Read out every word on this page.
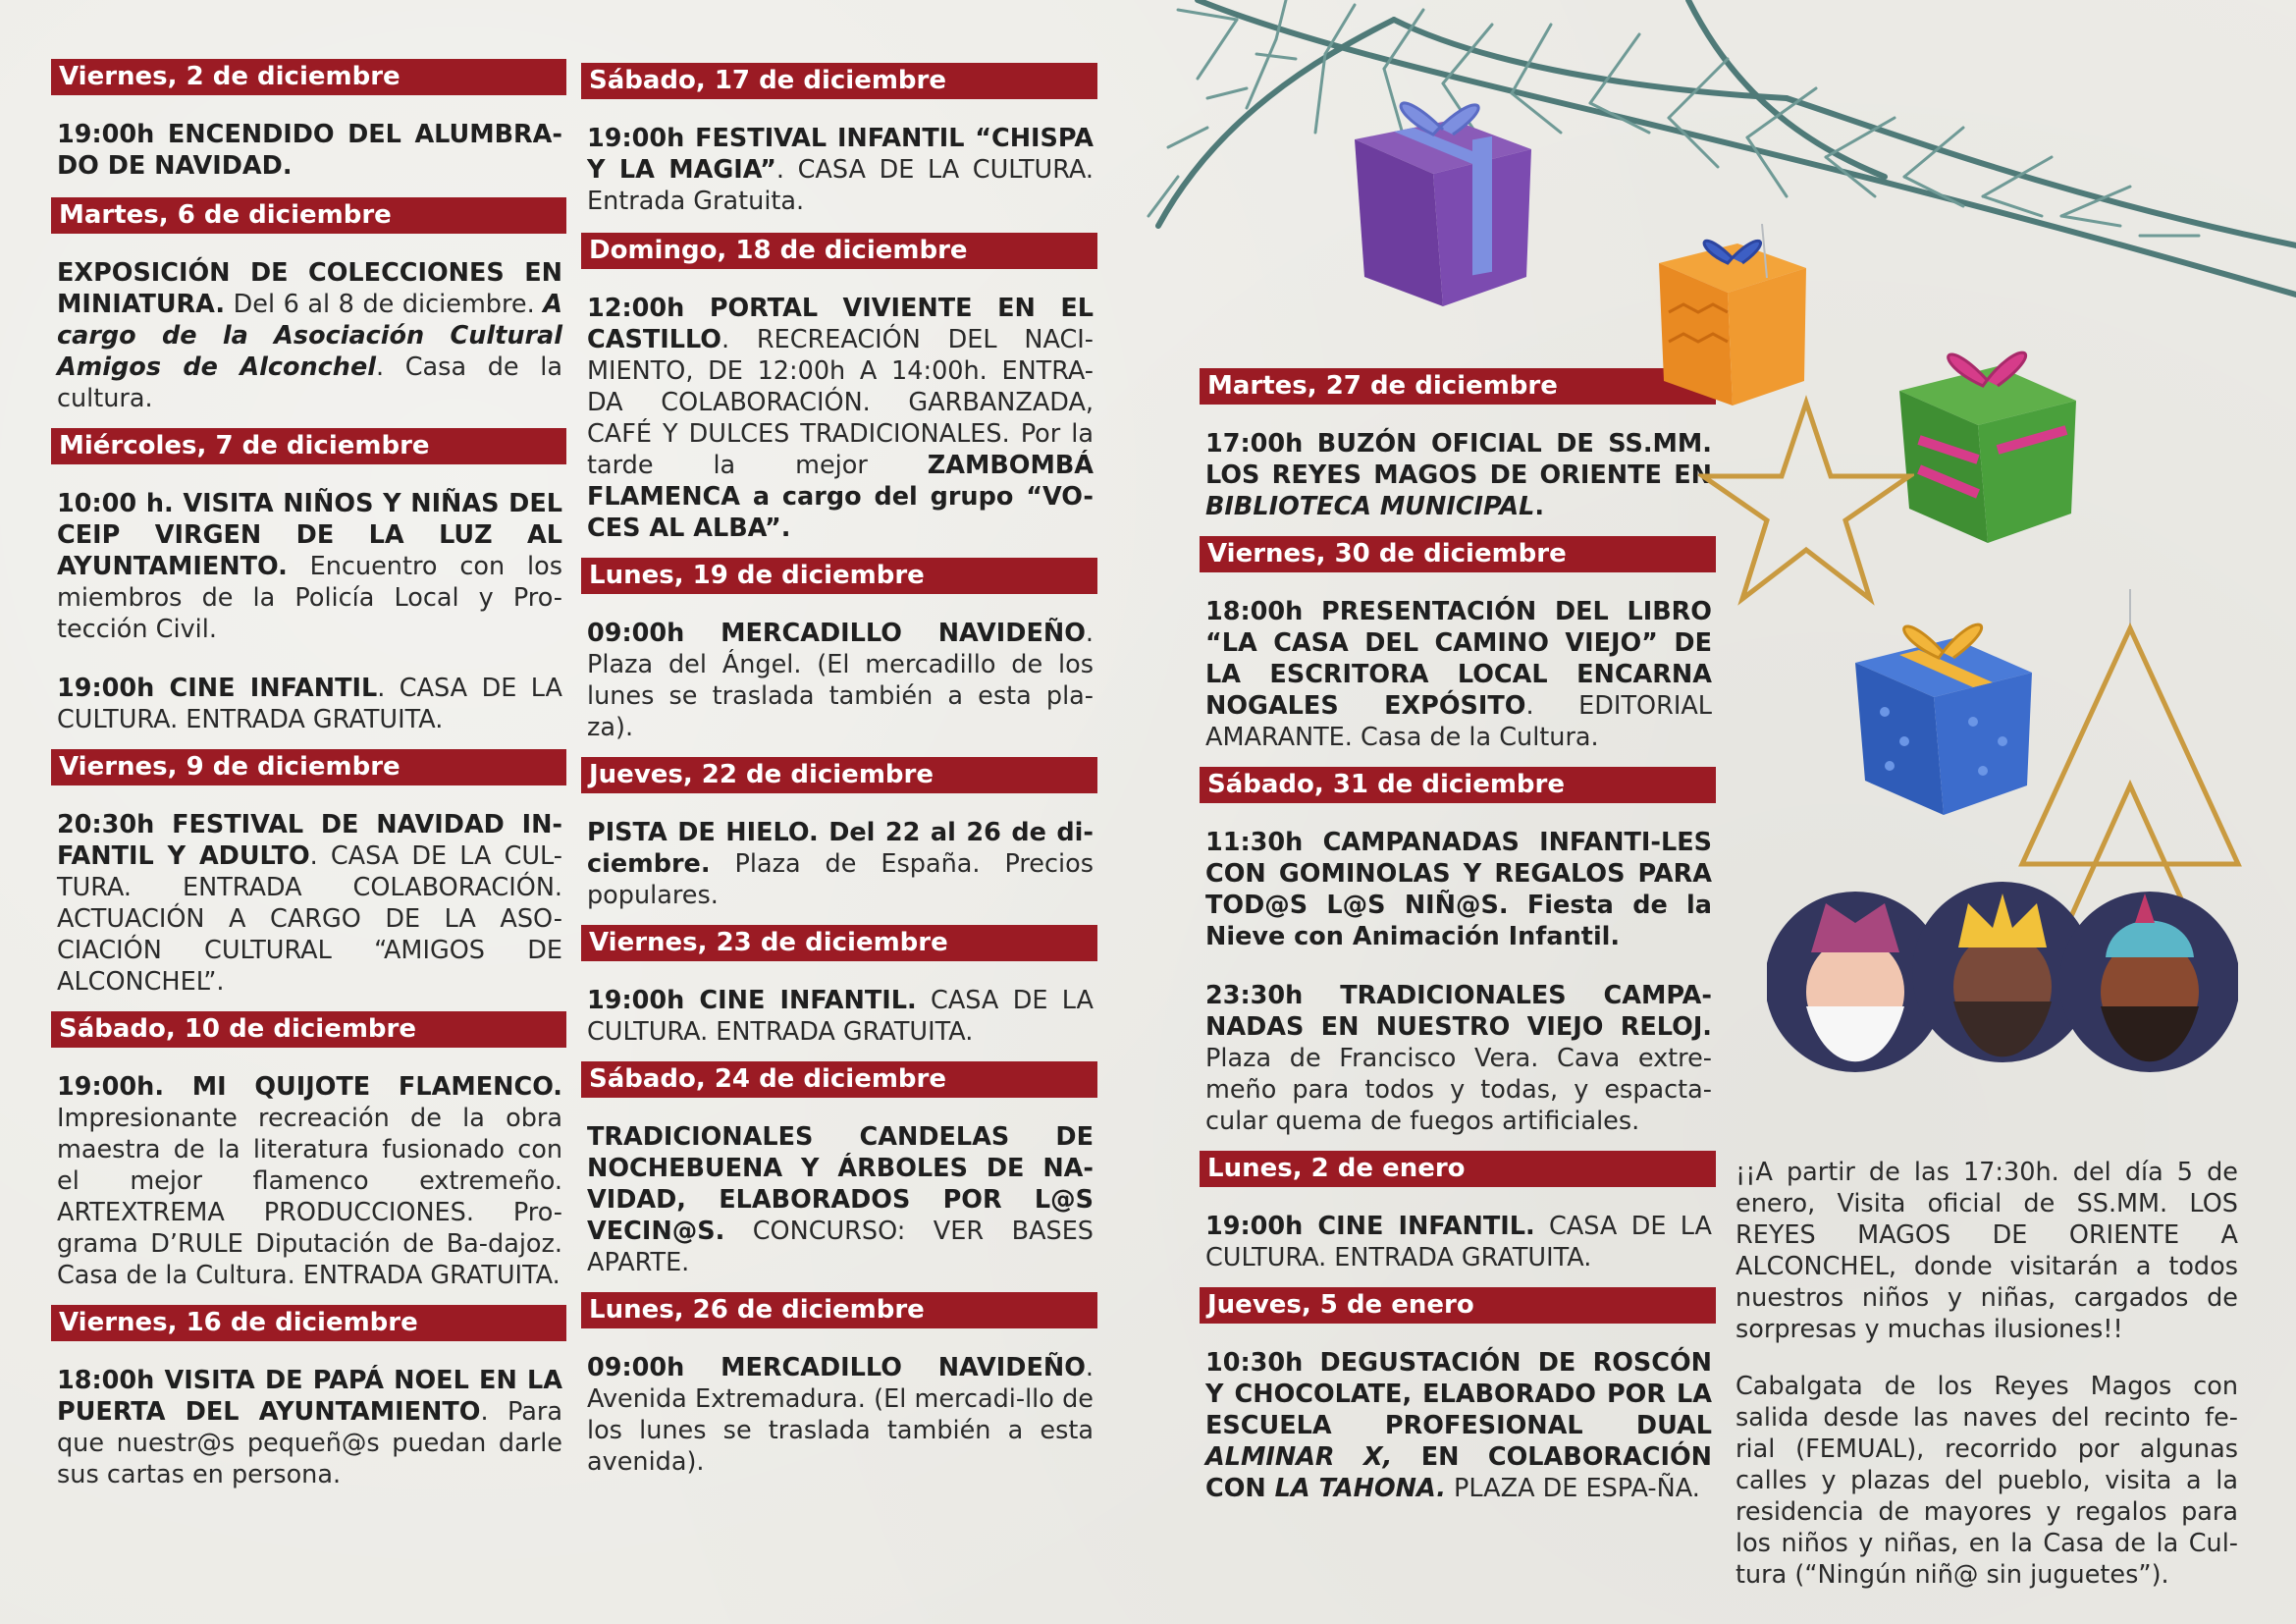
Viernes, 2 de diciembre

19:00h ENCENDIDO DEL ALUMBRA-DO DE NAVIDAD.

Martes, 6 de diciembre

EXPOSICIÓN DE COLECCIONES EN MINIATURA. Del 6 al 8 de diciembre. A cargo de la Asociación Cultural Amigos de Alconchel. Casa de la cultura.

Miércoles, 7 de diciembre

10:00 h. VISITA NIÑOS Y NIÑAS DEL CEIP VIRGEN DE LA LUZ AL AYUNTAMIENTO. Encuentro con los miembros de la Policía Local y Pro-tección Civil.

19:00h CINE INFANTIL. CASA DE LA CULTURA. ENTRADA GRATUITA.

Viernes, 9 de diciembre

20:30h FESTIVAL DE NAVIDAD IN-FANTIL Y ADULTO. CASA DE LA CUL-TURA. ENTRADA COLABORACIÓN. ACTUACIÓN A CARGO DE LA ASO-CIACIÓN CULTURAL “AMIGOS DE ALCONCHEL”.

Sábado, 10 de diciembre

19:00h. MI QUIJOTE FLAMENCO. Impresionante recreación de la obra maestra de la literatura fusionado con el mejor flamenco extremeño. ARTEXTREMA PRODUCCIONES. Pro-grama D’RULE Diputación de Ba-dajoz. Casa de la Cultura. ENTRADA GRATUITA.

Viernes, 16 de diciembre

18:00h VISITA DE PAPÁ NOEL EN LA PUERTA DEL AYUNTAMIENTO. Para que nuestr@s pequeñ@s puedan darle sus cartas en persona.

Sábado, 17 de diciembre

19:00h FESTIVAL INFANTIL “CHISPA Y LA MAGIA”. CASA DE LA CULTURA. Entrada Gratuita.

Domingo, 18 de diciembre

12:00h PORTAL VIVIENTE EN EL CASTILLO. RECREACIÓN DEL NACI-MIENTO, DE 12:00h A 14:00h. ENTRA-DA COLABORACIÓN. GARBANZADA, CAFÉ Y DULCES TRADICIONALES. Por la tarde la mejor ZAMBOMBÁ FLAMENCA a cargo del grupo “VO-CES AL ALBA”.

Lunes, 19 de diciembre

09:00h MERCADILLO NAVIDEÑO. Plaza del Ángel. (El mercadillo de los lunes se traslada también a esta pla-za).

Jueves, 22 de diciembre

PISTA DE HIELO. Del 22 al 26 de di-ciembre. Plaza de España. Precios populares.

Viernes, 23 de diciembre

19:00h CINE INFANTIL. CASA DE LA CULTURA. ENTRADA GRATUITA.

Sábado, 24 de diciembre

TRADICIONALES CANDELAS DE NOCHEBUENA Y ÁRBOLES DE NA-VIDAD, ELABORADOS POR L@S VECIN@S. CONCURSO: VER BASES APARTE.

Lunes, 26 de diciembre

09:00h MERCADILLO NAVIDEÑO. Avenida Extremadura. (El mercadi-llo de los lunes se traslada también a esta avenida).

Martes, 27 de diciembre

17:00h BUZÓN OFICIAL DE SS.MM. LOS REYES MAGOS DE ORIENTE EN BIBLIOTECA MUNICIPAL.

Viernes, 30 de diciembre

18:00h PRESENTACIÓN DEL LIBRO “LA CASA DEL CAMINO VIEJO” DE LA ESCRITORA LOCAL ENCARNA NOGALES EXPÓSITO. EDITORIAL AMARANTE. Casa de la Cultura.

Sábado, 31 de diciembre

11:30h CAMPANADAS INFANTI-LES CON GOMINOLAS Y REGALOS PARA TOD@S L@S NIÑ@S. Fiesta de la Nieve con Animación Infantil.

23:30h TRADICIONALES CAMPA-NADAS EN NUESTRO VIEJO RELOJ. Plaza de Francisco Vera. Cava extre-meño para todos y todas, y espacta-cular quema de fuegos artificiales.

Lunes, 2 de enero

19:00h CINE INFANTIL. CASA DE LA CULTURA. ENTRADA GRATUITA.

Jueves, 5 de enero

10:30h DEGUSTACIÓN DE ROSCÓN Y CHOCOLATE, ELABORADO POR LA ESCUELA PROFESIONAL DUAL ALMINAR X, EN COLABORACIÓN CON LA TAHONA. PLAZA DE ESPA-ÑA.

¡¡A partir de las 17:30h. del día 5 de enero, Visita oficial de SS.MM. LOS REYES MAGOS DE ORIENTE A ALCONCHEL, donde visitarán a todos nuestros niños y niñas, cargados de sorpresas y muchas ilusiones!!
Cabalgata de los Reyes Magos con salida desde las naves del recinto fe-rial (FEMUAL), recorrido por algunas calles y plazas del pueblo, visita a la residencia de mayores y regalos para los niños y niñas, en la Casa de la Cul-tura (“Ningún niñ@ sin juguetes”).
